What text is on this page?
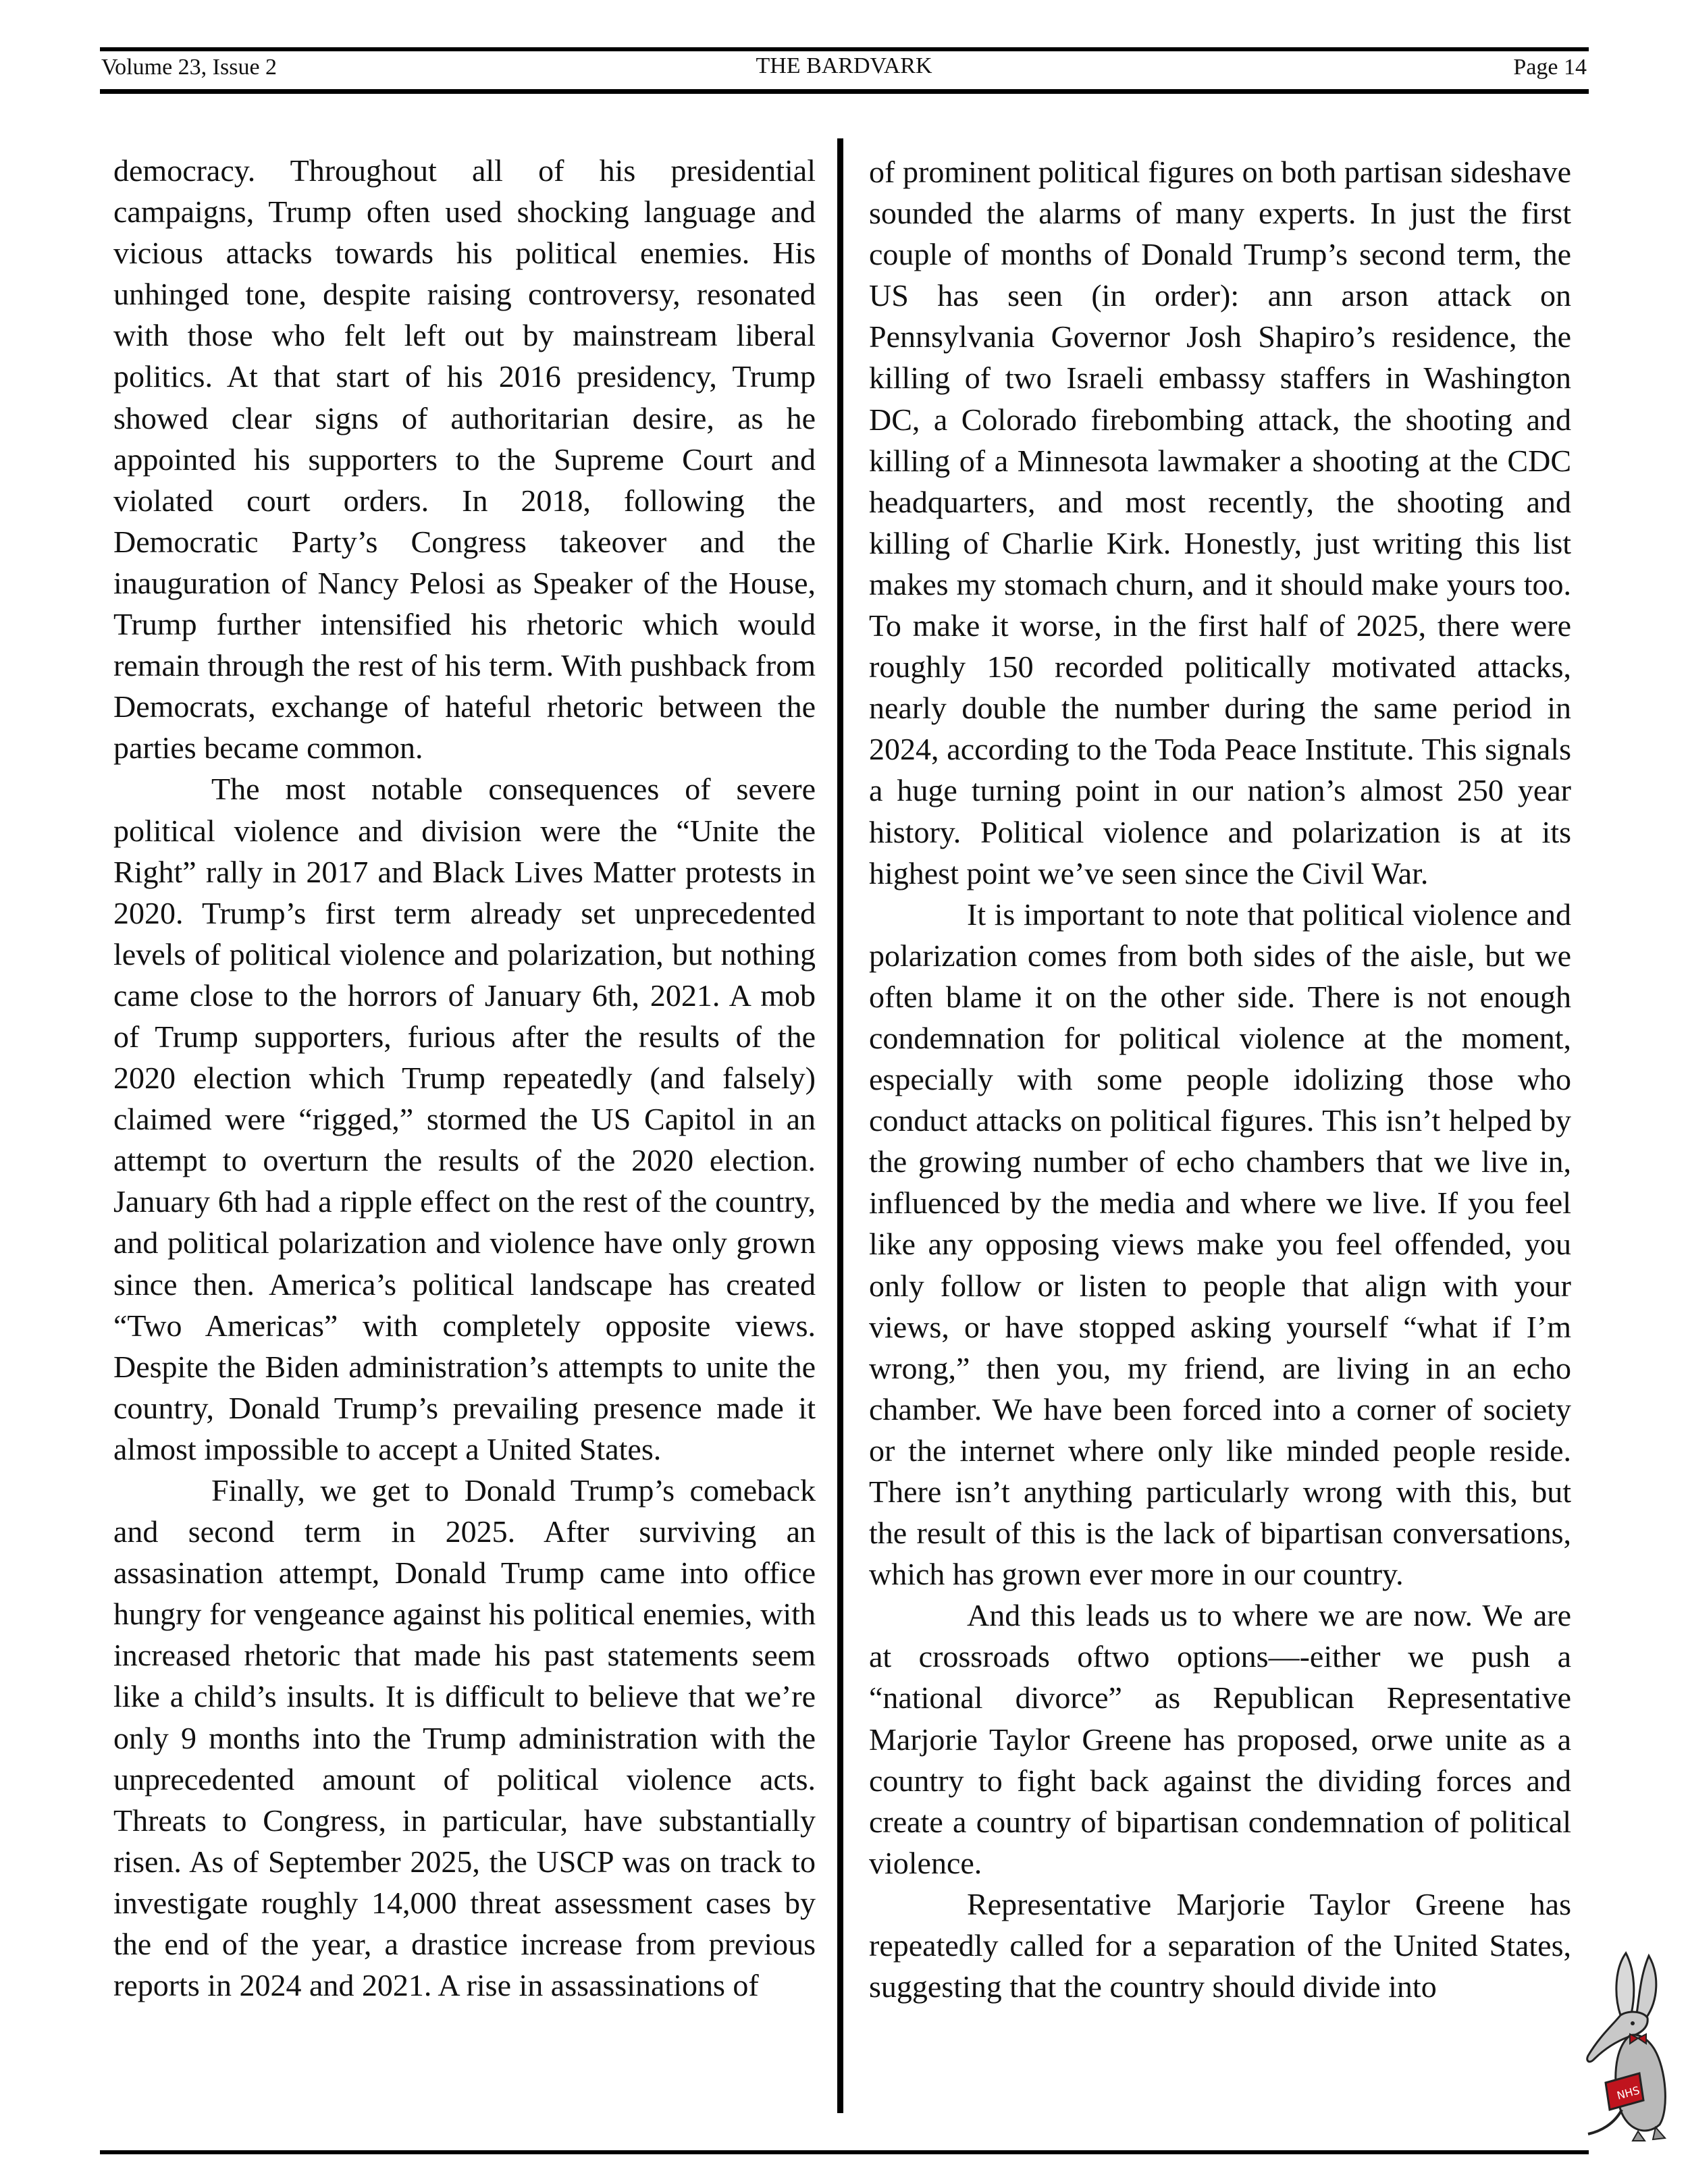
Volume 23, Issue 2	THE BARDVARK	Page 14

democracy. Throughout all of his presidential campaigns, Trump often used shocking language and vicious attacks towards his political enemies. His unhinged tone, despite raising controversy, resonated with those who felt left out by mainstream liberal politics. At that start of his 2016 presidency, Trump showed clear signs of authoritarian desire, as he appointed his supporters to the Supreme Court and violated court orders. In 2018, following the Democratic Party’s Congress takeover and the inauguration of Nancy Pelosi as Speaker of the House, Trump further intensified his rhetoric which would remain through the rest of his term. With pushback from Democrats, exchange of hateful rhetoric between the parties became common.

The most notable consequences of severe political violence and division were the “Unite the Right” rally in 2017 and Black Lives Matter protests in 2020. Trump’s first term already set unprecedented levels of political violence and polarization, but nothing came close to the horrors of January 6th, 2021. A mob of Trump supporters, furious after the results of the 2020 election which Trump repeatedly (and falsely) claimed were “rigged,” stormed the US Capitol in an attempt to overturn the results of the 2020 election. January 6th had a ripple effect on the rest of the country, and political polarization and violence have only grown since then. America’s political landscape has created “Two Americas” with completely opposite views. Despite the Biden administration’s attempts to unite the country, Donald Trump’s prevailing presence made it almost impossible to accept a United States.

Finally, we get to Donald Trump’s comeback and second term in 2025. After surviving an assasination attempt, Donald Trump came into office hungry for vengeance against his political enemies, with increased rhetoric that made his past statements seem like a child’s insults. It is difficult to believe that we’re only 9 months into the Trump administration with the unprecedented amount of political violence acts. Threats to Congress, in particular, have substantially risen. As of September 2025, the USCP was on track to investigate roughly 14,000 threat assessment cases by the end of the year, a drastice increase from previous reports in 2024 and 2021. A rise in assassinations of

of prominent political figures on both partisan sideshave sounded the alarms of many experts. In just the first couple of months of Donald Trump’s second term, the US has seen (in order): ann arson attack on Pennsylvania Governor Josh Shapiro’s residence, the killing of two Israeli embassy staffers in Washington DC, a Colorado firebombing attack, the shooting and killing of a Minnesota lawmaker a shooting at the CDC headquarters, and most recently, the shooting and killing of Charlie Kirk. Honestly, just writing this list makes my stomach churn, and it should make yours too. To make it worse, in the first half of 2025, there were roughly 150 recorded politically motivated attacks, nearly double the number during the same period in 2024, according to the Toda Peace Institute. This signals a huge turning point in our nation’s almost 250 year history. Political violence and polarization is at its highest point we’ve seen since the Civil War.

It is important to note that political violence and polarization comes from both sides of the aisle, but we often blame it on the other side. There is not enough condemnation for political violence at the moment, especially with some people idolizing those who conduct attacks on political figures. This isn’t helped by the growing number of echo chambers that we live in, influenced by the media and where we live. If you feel like any opposing views make you feel offended, you only follow or listen to people that align with your views, or have stopped asking yourself “what if I’m wrong,” then you, my friend, are living in an echo chamber. We have been forced into a corner of society or the internet where only like minded people reside. There isn’t anything particularly wrong with this, but the result of this is the lack of bipartisan conversations, which has grown ever more in our country.

And this leads us to where we are now. We are at crossroads oftwo options—-either we push a “national divorce” as Republican Representative Marjorie Taylor Greene has proposed, orwe unite as a country to fight back against the dividing forces and create a country of bipartisan condemnation of political violence.

Representative Marjorie Taylor Greene has repeatedly called for a separation of the United States, suggesting that the country should divide into

NHS
